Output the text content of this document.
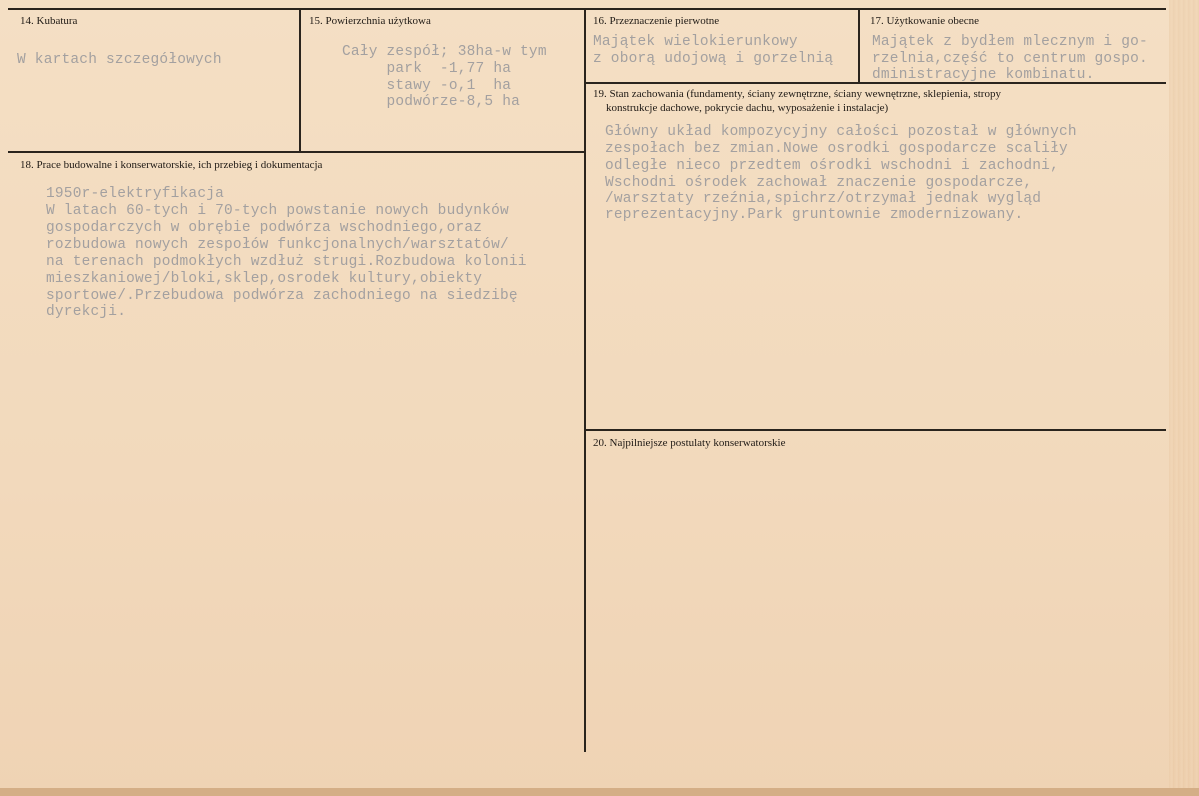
14. Kubatura
W kartach szczegółowych
15. Powierzchnia użytkowa
Cały zespół; 38ha-w tym
park  -1,77 ha
stawy -o,1  ha
podwórze-8,5 ha
16. Przeznaczenie pierwotne
Majątek wielokierunkowy
z oborą udojową i gorzelnią
17. Użytkowanie obecne
Majątek z bydłem mlecznym i go-
rzelnia,część to centrum gospo.
dministracyjne kombinatu.
18. Prace budowalne i konserwatorskie, ich przebieg i dokumentacja
1950r-elektryfikacja
W latach 60-tych i 70-tych powstanie nowych budynków
gospodarczych w obrębie podwórza wschodniego,oraz
rozbudowa nowych zespołów funkcjonalnych/warsztatów/
na terenach podmokłych wzdłuż strugi.Rozbudowa kolonii
mieszkaniowej/bloki,sklep,osrodek kultury,obiekty
sportowe/.Przebudowa podwórza zachodniego na siedzibę
dyrekcji.
19. Stan zachowania (fundamenty, ściany zewnętrzne, ściany wewnętrzne, sklepienia, stropy
konstrukcje dachowe, pokrycie dachu, wyposażenie i instalacje)
Główny układ kompozycyjny całości pozostał w głównych
zespołach bez zmian.Nowe osrodki gospodarcze scaliły
odległe nieco przedtem ośrodki wschodni i zachodni,
Wschodni ośrodek zachował znaczenie gospodarcze,
/warsztaty rzeźnia,spichrz/otrzymał jednak wygląd
reprezentacyjny.Park gruntownie zmodernizowany.
20. Najpilniejsze postulaty konserwatorskie
